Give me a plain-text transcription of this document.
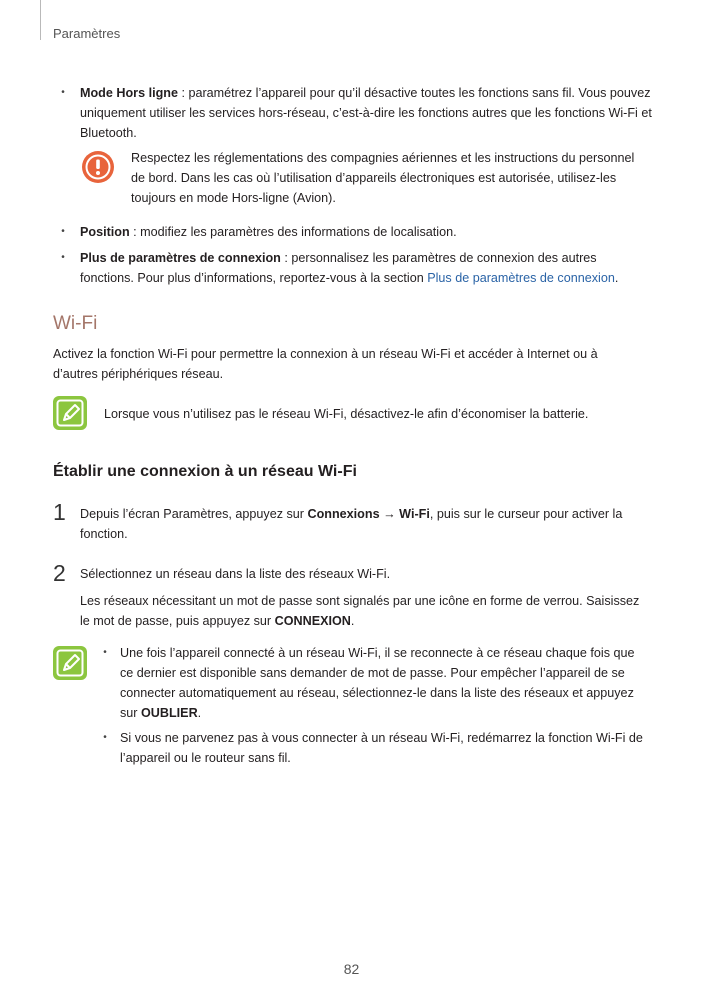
Paramètres
• Mode Hors ligne : paramétrez l’appareil pour qu’il désactive toutes les fonctions sans fil. Vous pouvez uniquement utiliser les services hors-réseau, c’est-à-dire les fonctions autres que les fonctions Wi-Fi et Bluetooth.
Respectez les réglementations des compagnies aériennes et les instructions du personnel de bord. Dans les cas où l’utilisation d’appareils électroniques est autorisée, utilisez-les toujours en mode Hors-ligne (Avion).
• Position : modifiez les paramètres des informations de localisation.
• Plus de paramètres de connexion : personnalisez les paramètres de connexion des autres fonctions. Pour plus d’informations, reportez-vous à la section Plus de paramètres de connexion.
Wi-Fi
Activez la fonction Wi-Fi pour permettre la connexion à un réseau Wi-Fi et accéder à Internet ou à d’autres périphériques réseau.
Lorsque vous n’utilisez pas le réseau Wi-Fi, désactivez-le afin d’économiser la batterie.
Établir une connexion à un réseau Wi-Fi
1 Depuis l’écran Paramètres, appuyez sur Connexions → Wi-Fi, puis sur le curseur pour activer la fonction.
2 Sélectionnez un réseau dans la liste des réseaux Wi-Fi.
Les réseaux nécessitant un mot de passe sont signalés par une icône en forme de verrou. Saisissez le mot de passe, puis appuyez sur CONNEXION.
• Une fois l’appareil connecté à un réseau Wi-Fi, il se reconnecte à ce réseau chaque fois que ce dernier est disponible sans demander de mot de passe. Pour empêcher l’appareil de se connecter automatiquement au réseau, sélectionnez-le dans la liste des réseaux et appuyez sur OUBLIER.
• Si vous ne parvenez pas à vous connecter à un réseau Wi-Fi, redémarrez la fonction Wi-Fi de l’appareil ou le routeur sans fil.
82
